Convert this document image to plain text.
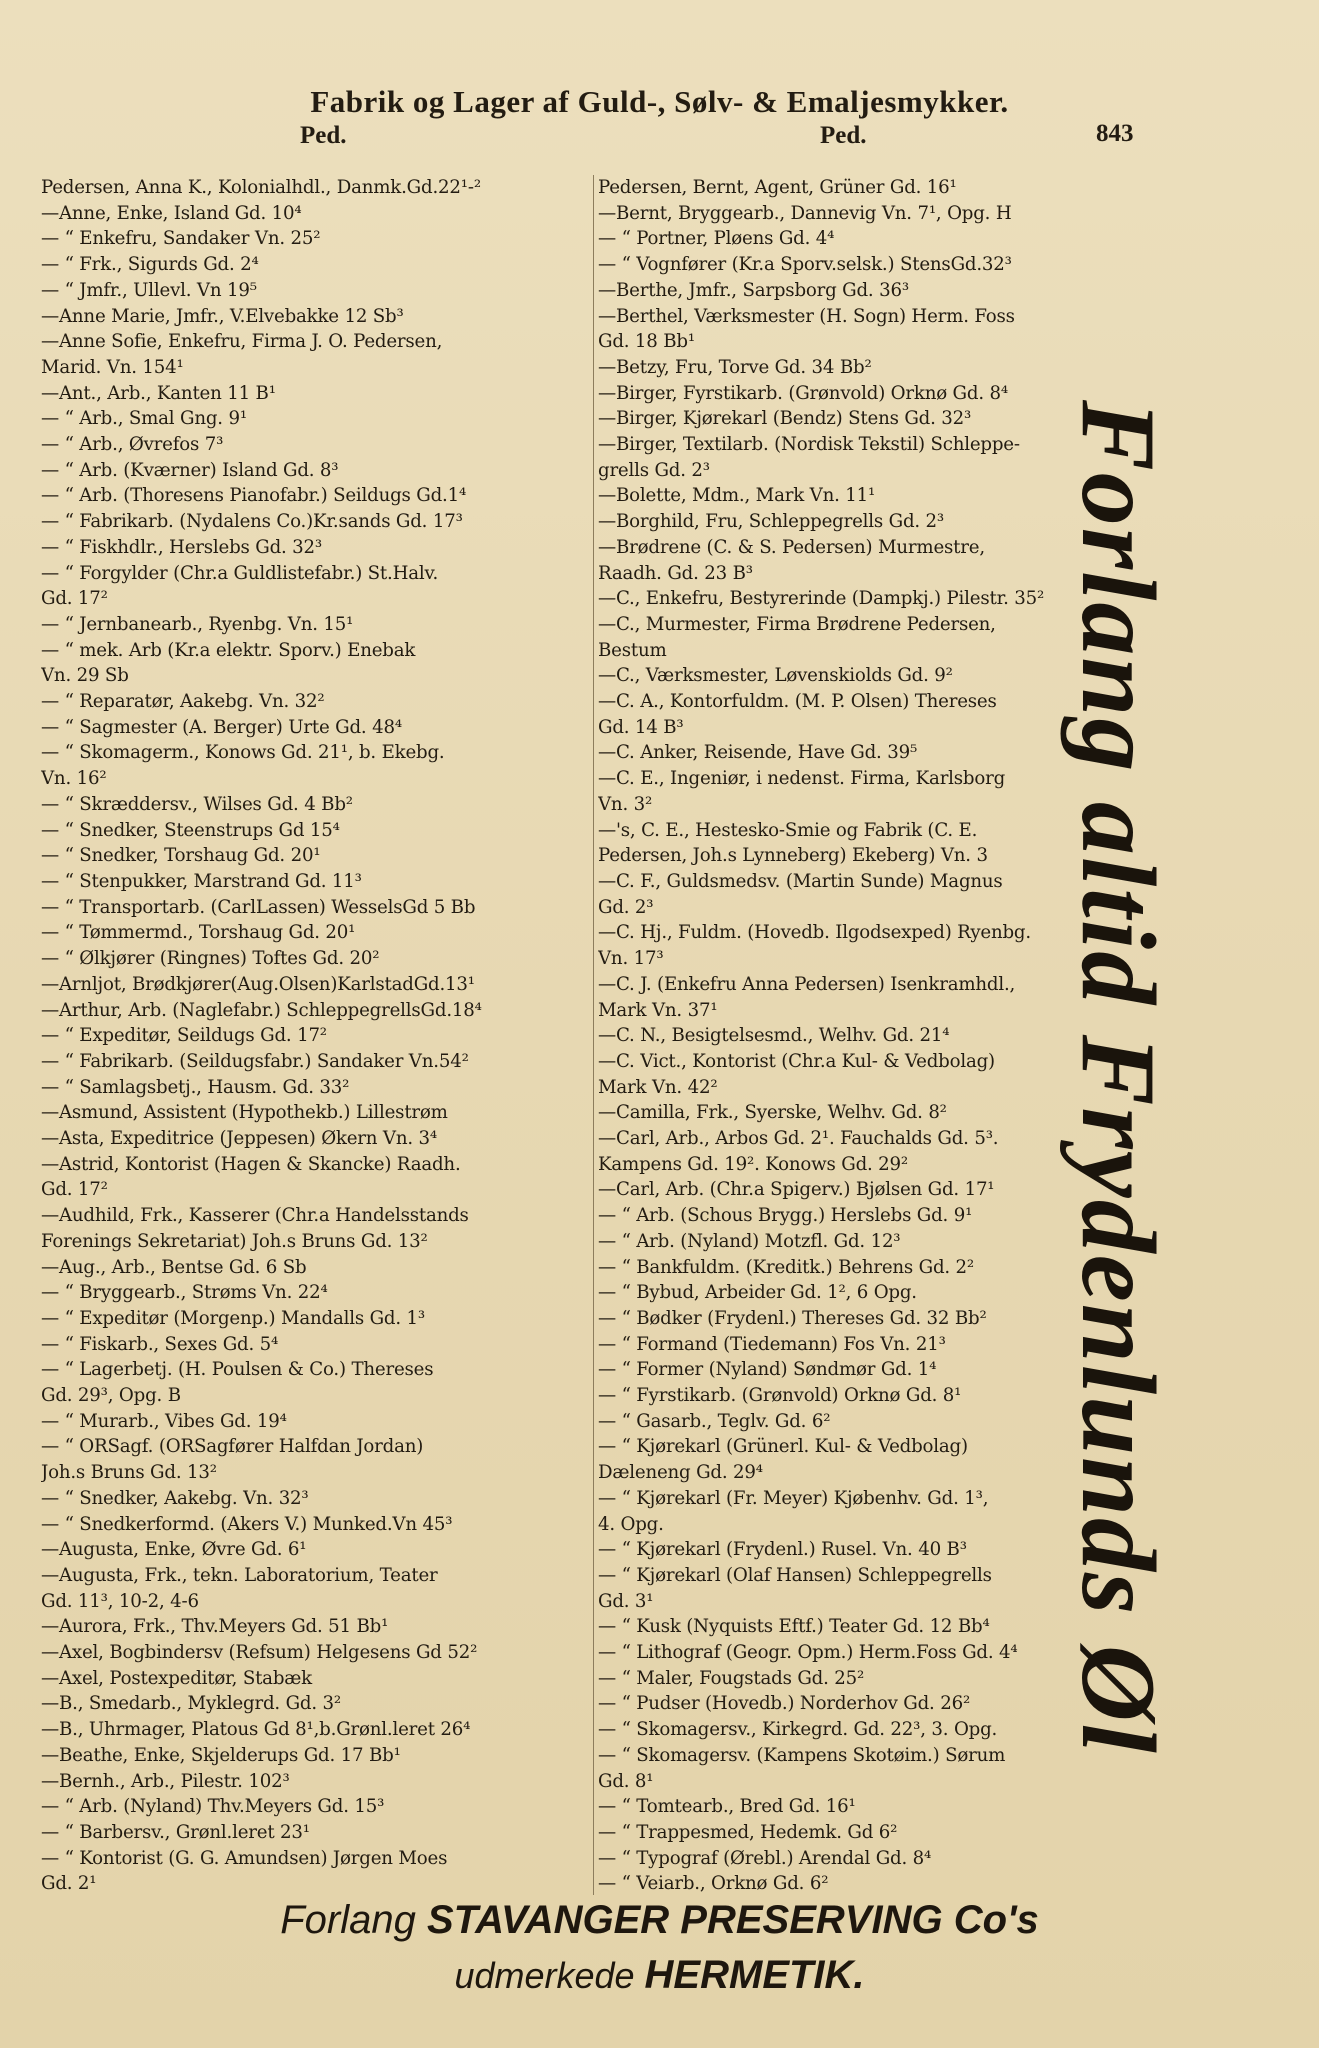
Fabrik og Lager af Guld-, Sølv- & Emaljesmykker.
Ped.	Ped.	843
Pedersen, Anna K., Kolonialhdl., Danmk.Gd.22¹-²
—Anne, Enke, Island Gd. 10⁴
— “ Enkefru, Sandaker Vn. 25²
— “ Frk., Sigurds Gd. 2⁴
— “ Jmfr., Ullevl. Vn 19⁵
—Anne Marie, Jmfr., V.Elvebakke 12 Sb³
—Anne Sofie, Enkefru, Firma J. O. Pedersen,
Marid. Vn. 154¹
—Ant., Arb., Kanten 11 B¹
— “ Arb., Smal Gng. 9¹
— “ Arb., Øvrefos 7³
— “ Arb. (Kværner) Island Gd. 8³
— “ Arb. (Thoresens Pianofabr.) Seildugs Gd.1⁴
— “ Fabrikarb. (Nydalens Co.)Kr.sands Gd. 17³
— “ Fiskhdlr., Herslebs Gd. 32³
— “ Forgylder (Chr.a Guldlistefabr.) St.Halv.
Gd. 17²
— “ Jernbanearb., Ryenbg. Vn. 15¹
— “ mek. Arb (Kr.a elektr. Sporv.) Enebak
Vn. 29 Sb
— “ Reparatør, Aakebg. Vn. 32²
— “ Sagmester (A. Berger) Urte Gd. 48⁴
— “ Skomagerm., Konows Gd. 21¹, b. Ekebg.
Vn. 16²
— “ Skræddersv., Wilses Gd. 4 Bb²
— “ Snedker, Steenstrups Gd 15⁴
— “ Snedker, Torshaug Gd. 20¹
— “ Stenpukker, Marstrand Gd. 11³
— “ Transportarb. (CarlLassen) WesselsGd 5 Bb
— “ Tømmermd., Torshaug Gd. 20¹
— “ Ølkjører (Ringnes) Toftes Gd. 20²
—Arnljot, Brødkjører(Aug.Olsen)KarlstadGd.13¹
—Arthur, Arb. (Naglefabr.) SchleppegrellsGd.18⁴
— “ Expeditør, Seildugs Gd. 17²
— “ Fabrikarb. (Seildugsfabr.) Sandaker Vn.54²
— “ Samlagsbetj., Hausm. Gd. 33²
—Asmund, Assistent (Hypothekb.) Lillestrøm
—Asta, Expeditrice (Jeppesen) Økern Vn. 3⁴
—Astrid, Kontorist (Hagen & Skancke) Raadh.
Gd. 17²
—Audhild, Frk., Kasserer (Chr.a Handelsstands
Forenings Sekretariat) Joh.s Bruns Gd. 13²
—Aug., Arb., Bentse Gd. 6 Sb
— “ Bryggearb., Strøms Vn. 22⁴
— “ Expeditør (Morgenp.) Mandalls Gd. 1³
— “ Fiskarb., Sexes Gd. 5⁴
— “ Lagerbetj. (H. Poulsen & Co.) Thereses
Gd. 29³, Opg. B
— “ Murarb., Vibes Gd. 19⁴
— “ ORSagf. (ORSagfører Halfdan Jordan)
Joh.s Bruns Gd. 13²
— “ Snedker, Aakebg. Vn. 32³
— “ Snedkerformd. (Akers V.) Munked.Vn 45³
—Augusta, Enke, Øvre Gd. 6¹
—Augusta, Frk., tekn. Laboratorium, Teater
Gd. 11³, 10-2, 4-6
—Aurora, Frk., Thv.Meyers Gd. 51 Bb¹
—Axel, Bogbindersv (Refsum) Helgesens Gd 52²
—Axel, Postexpeditør, Stabæk
—B., Smedarb., Myklegrd. Gd. 3²
—B., Uhrmager, Platous Gd 8¹,b.Grønl.leret 26⁴
—Beathe, Enke, Skjelderups Gd. 17 Bb¹
—Bernh., Arb., Pilestr. 102³
— “ Arb. (Nyland) Thv.Meyers Gd. 15³
— “ Barbersv., Grønl.leret 23¹
— “ Kontorist (G. G. Amundsen) Jørgen Moes
Gd. 2¹
Pedersen, Bernt, Agent, Grüner Gd. 16¹
—Bernt, Bryggearb., Dannevig Vn. 7¹, Opg. H
— “ Portner, Pløens Gd. 4⁴
— “ Vognfører (Kr.a Sporv.selsk.) StensGd.32³
—Berthe, Jmfr., Sarpsborg Gd. 36³
—Berthel, Værksmester (H. Sogn) Herm. Foss
Gd. 18 Bb¹
—Betzy, Fru, Torve Gd. 34 Bb²
—Birger, Fyrstikarb. (Grønvold) Orknø Gd. 8⁴
—Birger, Kjørekarl (Bendz) Stens Gd. 32³
—Birger, Textilarb. (Nordisk Tekstil) Schleppe-
grells Gd. 2³
—Bolette, Mdm., Mark Vn. 11¹
—Borghild, Fru, Schleppegrells Gd. 2³
—Brødrene (C. & S. Pedersen) Murmestre,
Raadh. Gd. 23 B³
—C., Enkefru, Bestyrerinde (Dampkj.) Pilestr. 35²
—C., Murmester, Firma Brødrene Pedersen,
Bestum
—C., Værksmester, Løvenskiolds Gd. 9²
—C. A., Kontorfuldm. (M. P. Olsen) Thereses
Gd. 14 B³
—C. Anker, Reisende, Have Gd. 39⁵
—C. E., Ingeniør, i nedenst. Firma, Karlsborg
Vn. 3²
—'s, C. E., Hestesko-Smie og Fabrik (C. E.
Pedersen, Joh.s Lynneberg) Ekeberg) Vn. 3
—C. F., Guldsmedsv. (Martin Sunde) Magnus
Gd. 2³
—C. Hj., Fuldm. (Hovedb. Ilgodsexped) Ryenbg.
Vn. 17³
—C. J. (Enkefru Anna Pedersen) Isenkramhdl.,
Mark Vn. 37¹
—C. N., Besigtelsesmd., Welhv. Gd. 21⁴
—C. Vict., Kontorist (Chr.a Kul- & Vedbolag)
Mark Vn. 42²
—Camilla, Frk., Syerske, Welhv. Gd. 8²
—Carl, Arb., Arbos Gd. 2¹. Fauchalds Gd. 5³.
Kampens Gd. 19². Konows Gd. 29²
—Carl, Arb. (Chr.a Spigerv.) Bjølsen Gd. 17¹
— “ Arb. (Schous Brygg.) Herslebs Gd. 9¹
— “ Arb. (Nyland) Motzfl. Gd. 12³
— “ Bankfuldm. (Kreditk.) Behrens Gd. 2²
— “ Bybud, Arbeider Gd. 1², 6 Opg.
— “ Bødker (Frydenl.) Thereses Gd. 32 Bb²
— “ Formand (Tiedemann) Fos Vn. 21³
— “ Former (Nyland) Søndmør Gd. 1⁴
— “ Fyrstikarb. (Grønvold) Orknø Gd. 8¹
— “ Gasarb., Teglv. Gd. 6²
— “ Kjørekarl (Grünerl. Kul- & Vedbolag)
Dæleneng Gd. 29⁴
— “ Kjørekarl (Fr. Meyer) Kjøbenhv. Gd. 1³,
4. Opg.
— “ Kjørekarl (Frydenl.) Rusel. Vn. 40 B³
— “ Kjørekarl (Olaf Hansen) Schleppegrells
Gd. 3¹
— “ Kusk (Nyquists Eftf.) Teater Gd. 12 Bb⁴
— “ Lithograf (Geogr. Opm.) Herm.Foss Gd. 4⁴
— “ Maler, Fougstads Gd. 25²
— “ Pudser (Hovedb.) Norderhov Gd. 26²
— “ Skomagersv., Kirkegrd. Gd. 22³, 3. Opg.
— “ Skomagersv. (Kampens Skotøim.) Sørum
Gd. 8¹
— “ Tomtearb., Bred Gd. 16¹
— “ Trappesmed, Hedemk. Gd 6²
— “ Typograf (Ørebl.) Arendal Gd. 8⁴
— “ Veiarb., Orknø Gd. 6²
Forlang altid Frydenlunds Øl
Forlang STAVANGER PRESERVING Co's
udmerkede HERMETIK.
